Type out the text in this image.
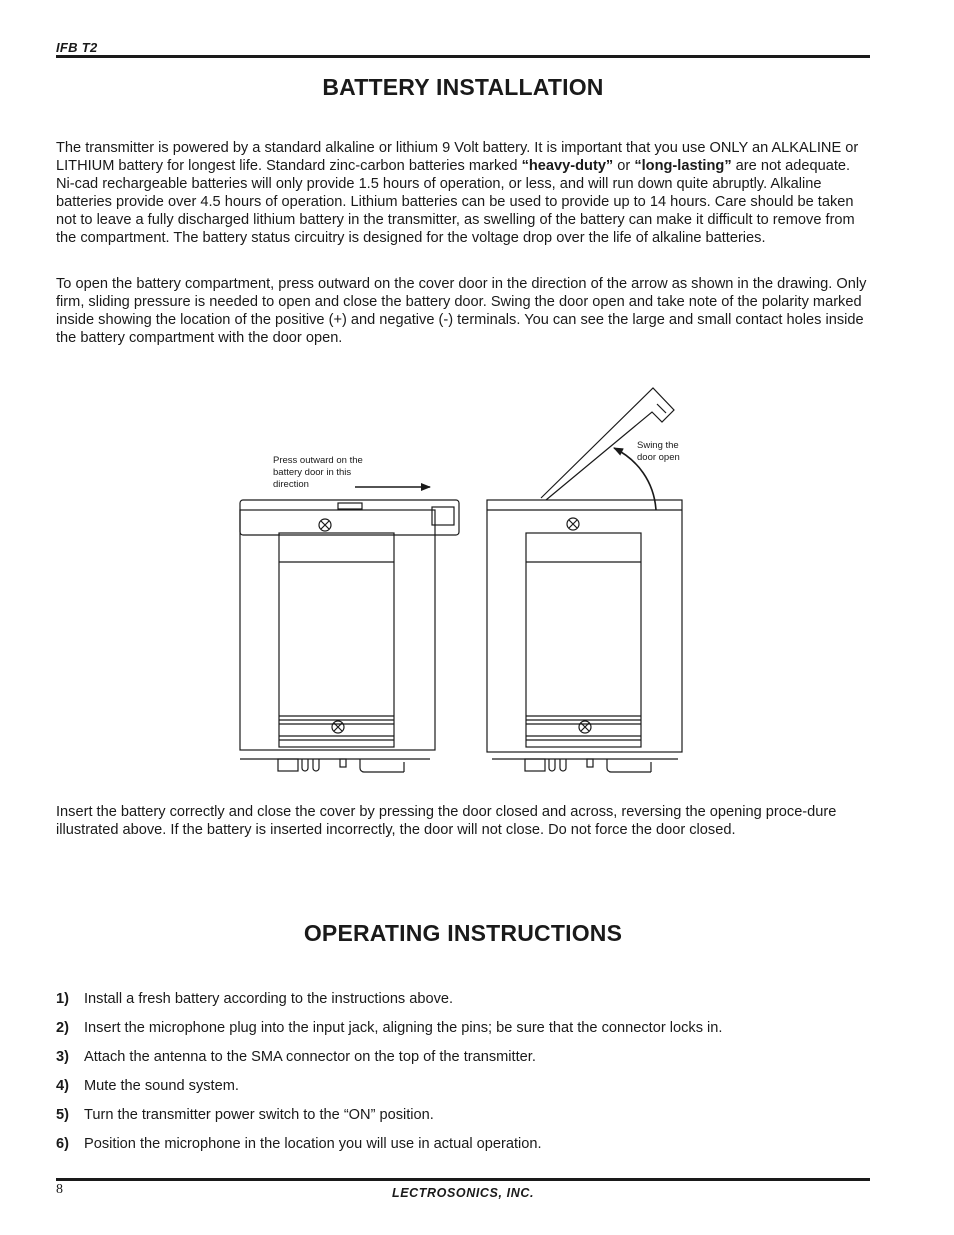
IFB T2
BATTERY INSTALLATION

The transmitter is powered by a standard alkaline or lithium 9 Volt battery. It is important that you use ONLY an ALKALINE or LITHIUM battery for longest life. Standard zinc-carbon batteries marked “heavy-duty” or “long-lasting” are not adequate. Ni-cad rechargeable batteries will only provide 1.5 hours of operation, or less, and will run down quite abruptly. Alkaline batteries provide over 4.5 hours of operation. Lithium batteries can be used to provide up to 14 hours. Care should be taken not to leave a fully discharged lithium battery in the transmitter, as swelling of the battery can make it difficult to remove from the compartment. The battery status circuitry is designed for the voltage drop over the life of alkaline batteries.

To open the battery compartment, press outward on the cover door in the direction of the arrow as shown in the drawing. Only firm, sliding pressure is needed to open and close the battery door. Swing the door open and take note of the polarity marked inside showing the location of the positive (+) and negative (-) terminals. You can see the large and small contact holes inside the battery compartment with the door open.

Press outward on the
battery door in this
direction
Swing the
door open

Insert the battery correctly and close the cover by pressing the door closed and across, reversing the opening proce-dure illustrated above. If the battery is inserted incorrectly, the door will not close. Do not force the door closed.

OPERATING INSTRUCTIONS
1) Install a fresh battery according to the instructions above.
2) Insert the microphone plug into the input jack, aligning the pins; be sure that the connector locks in.
3) Attach the antenna to the SMA connector on the top of the transmitter.
4) Mute the sound system.
5) Turn the transmitter power switch to the “ON” position.
6) Position the microphone in the location you will use in actual operation.
8	LECTROSONICS, INC.
